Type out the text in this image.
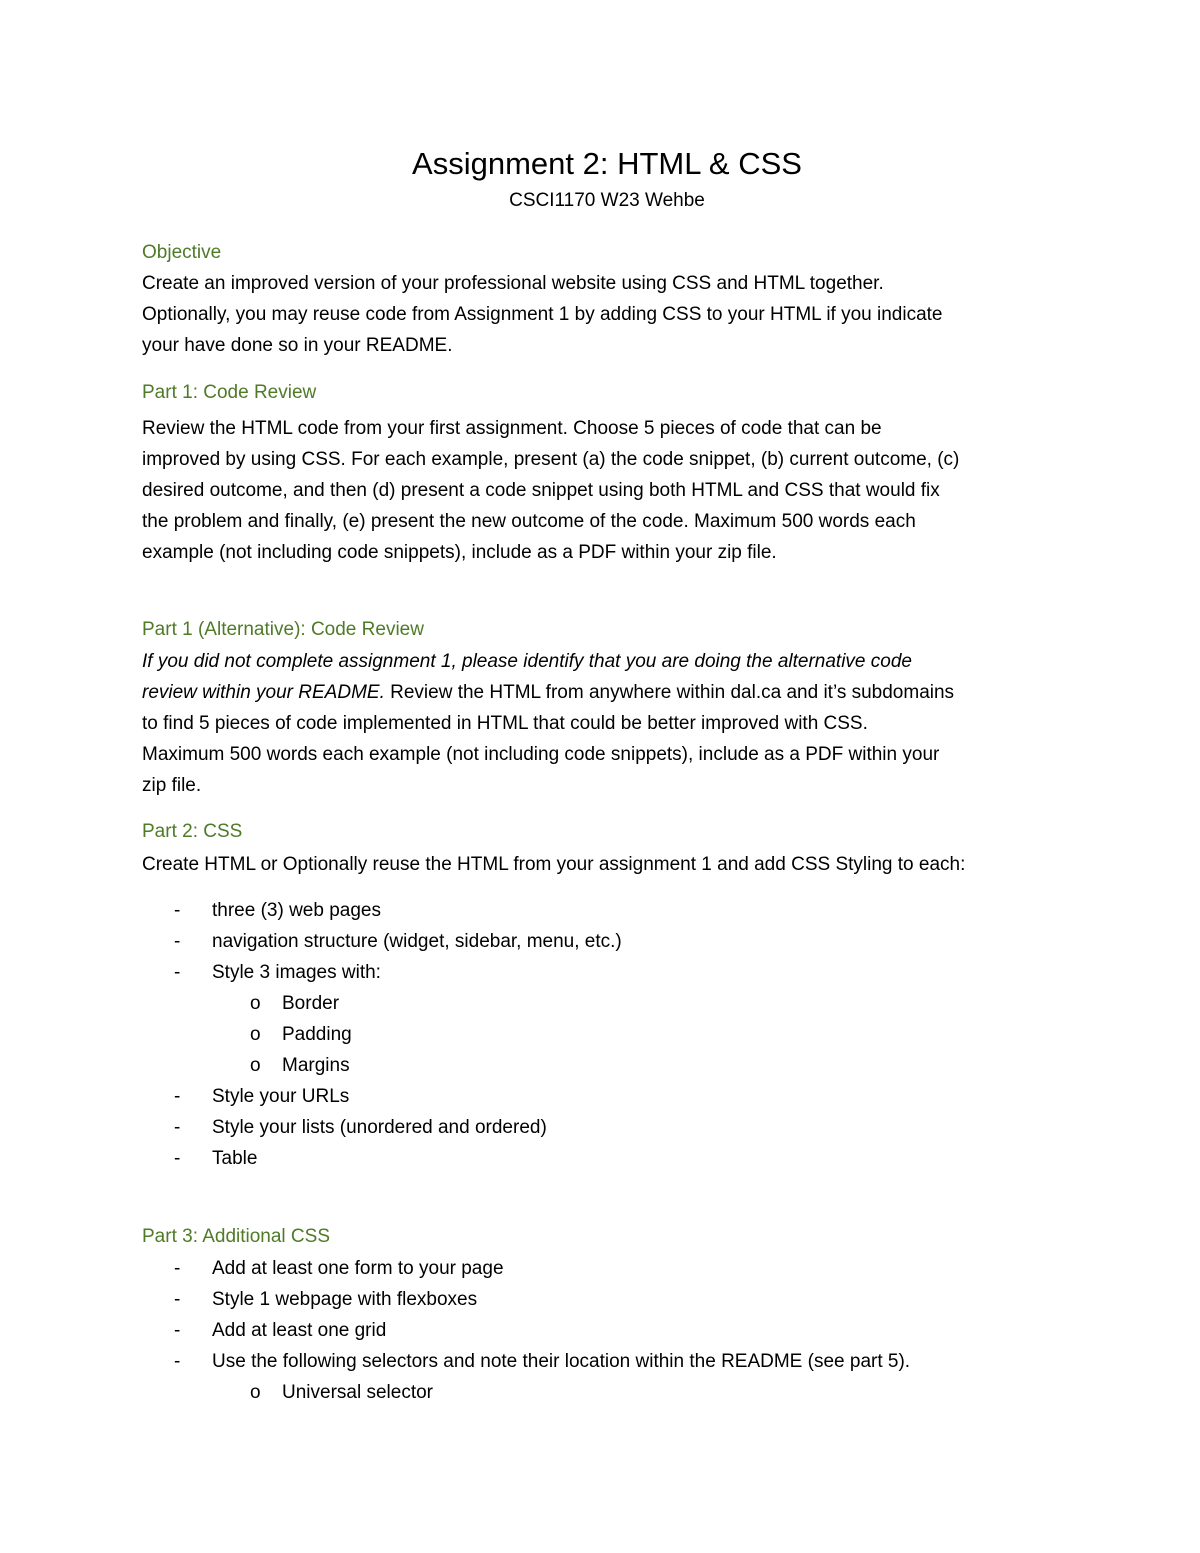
Assignment 2: HTML & CSS
CSCI1170 W23 Wehbe
Objective
Create an improved version of your professional website using CSS and HTML together.
Optionally, you may reuse code from Assignment 1 by adding CSS to your HTML if you indicate
your have done so in your README.
Part 1: Code Review
Review the HTML code from your first assignment. Choose 5 pieces of code that can be
improved by using CSS. For each example, present (a) the code snippet, (b) current outcome, (c)
desired outcome, and then (d) present a code snippet using both HTML and CSS that would fix
the problem and finally, (e) present the new outcome of the code. Maximum 500 words each
example (not including code snippets), include as a PDF within your zip file.
Part 1 (Alternative): Code Review
If you did not complete assignment 1, please identify that you are doing the alternative code
review within your README. Review the HTML from anywhere within dal.ca and it’s subdomains
to find 5 pieces of code implemented in HTML that could be better improved with CSS.
Maximum 500 words each example (not including code snippets), include as a PDF within your
zip file.
Part 2: CSS
Create HTML or Optionally reuse the HTML from your assignment 1 and add CSS Styling to each:
- three (3) web pages
- navigation structure (widget, sidebar, menu, etc.)
- Style 3 images with:
o Border
o Padding
o Margins
- Style your URLs
- Style your lists (unordered and ordered)
- Table
Part 3: Additional CSS
- Add at least one form to your page
- Style 1 webpage with flexboxes
- Add at least one grid
- Use the following selectors and note their location within the README (see part 5).
o Universal selector
